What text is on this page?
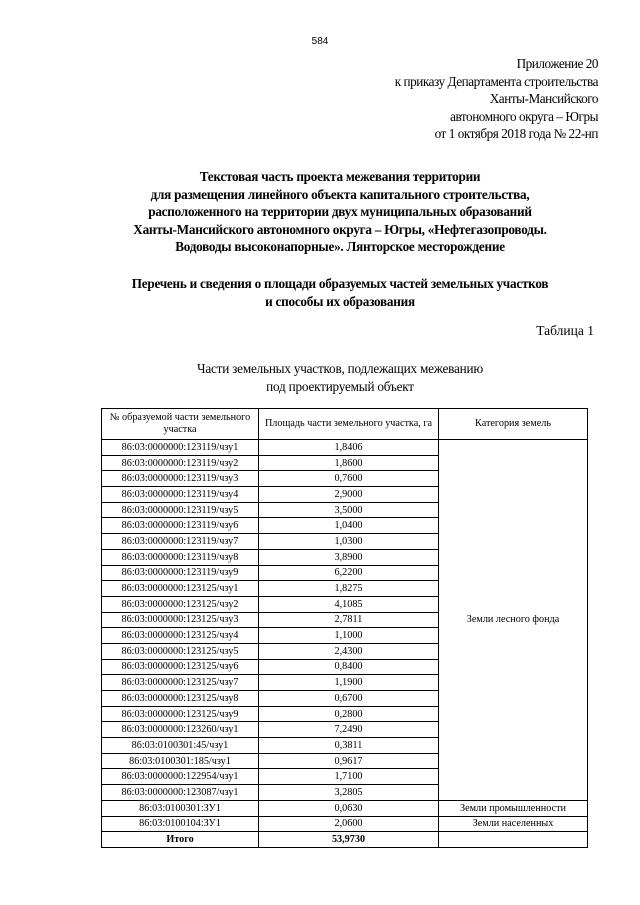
584
Приложение 20
к приказу Департамента строительства
Ханты-Мансийского
автономного округа – Югры
от 1 октября 2018 года № 22-нп
Текстовая часть проекта межевания территории
для размещения линейного объекта капитального строительства,
расположенного на территории двух муниципальных образований
Ханты-Мансийского автономного округа – Югры, «Нефтегазопроводы.
Водоводы высоконапорные». Лянторское месторождение
Перечень и сведения о площади образуемых частей земельных участков
и способы их образования
Таблица 1
Части земельных участков, подлежащих межеванию
под проектируемый объект
№ образуемой части земельного участка	Площадь части земельного участка, га	Категория земель
86:03:0000000:123119/чзу1	1,8406	Земли лесного фонда
86:03:0000000:123119/чзу2	1,8600	
86:03:0000000:123119/чзу3	0,7600	
86:03:0000000:123119/чзу4	2,9000	
86:03:0000000:123119/чзу5	3,5000	
86:03:0000000:123119/чзу6	1,0400	
86:03:0000000:123119/чзу7	1,0300	
86:03:0000000:123119/чзу8	3,8900	
86:03:0000000:123119/чзу9	6,2200	
86:03:0000000:123125/чзу1	1,8275	
86:03:0000000:123125/чзу2	4,1085	
86:03:0000000:123125/чзу3	2,7811	
86:03:0000000:123125/чзу4	1,1000	
86:03:0000000:123125/чзу5	2,4300	
86:03:0000000:123125/чзу6	0,8400	
86:03:0000000:123125/чзу7	1,1900	
86:03:0000000:123125/чзу8	0,6700	
86:03:0000000:123125/чзу9	0,2800	
86:03:0000000:123260/чзу1	7,2490	
86:03:0100301:45/чзу1	0,3811	
86:03:0100301:185/чзу1	0,9617	
86:03:0000000:122954/чзу1	1,7100	
86:03:0000000:123087/чзу1	3,2805	
86:03:0100301:ЗУ1	0,0630	Земли промышленности
86:03:0100104:ЗУ1	2,0600	Земли населенных
Итого	53,9730	
